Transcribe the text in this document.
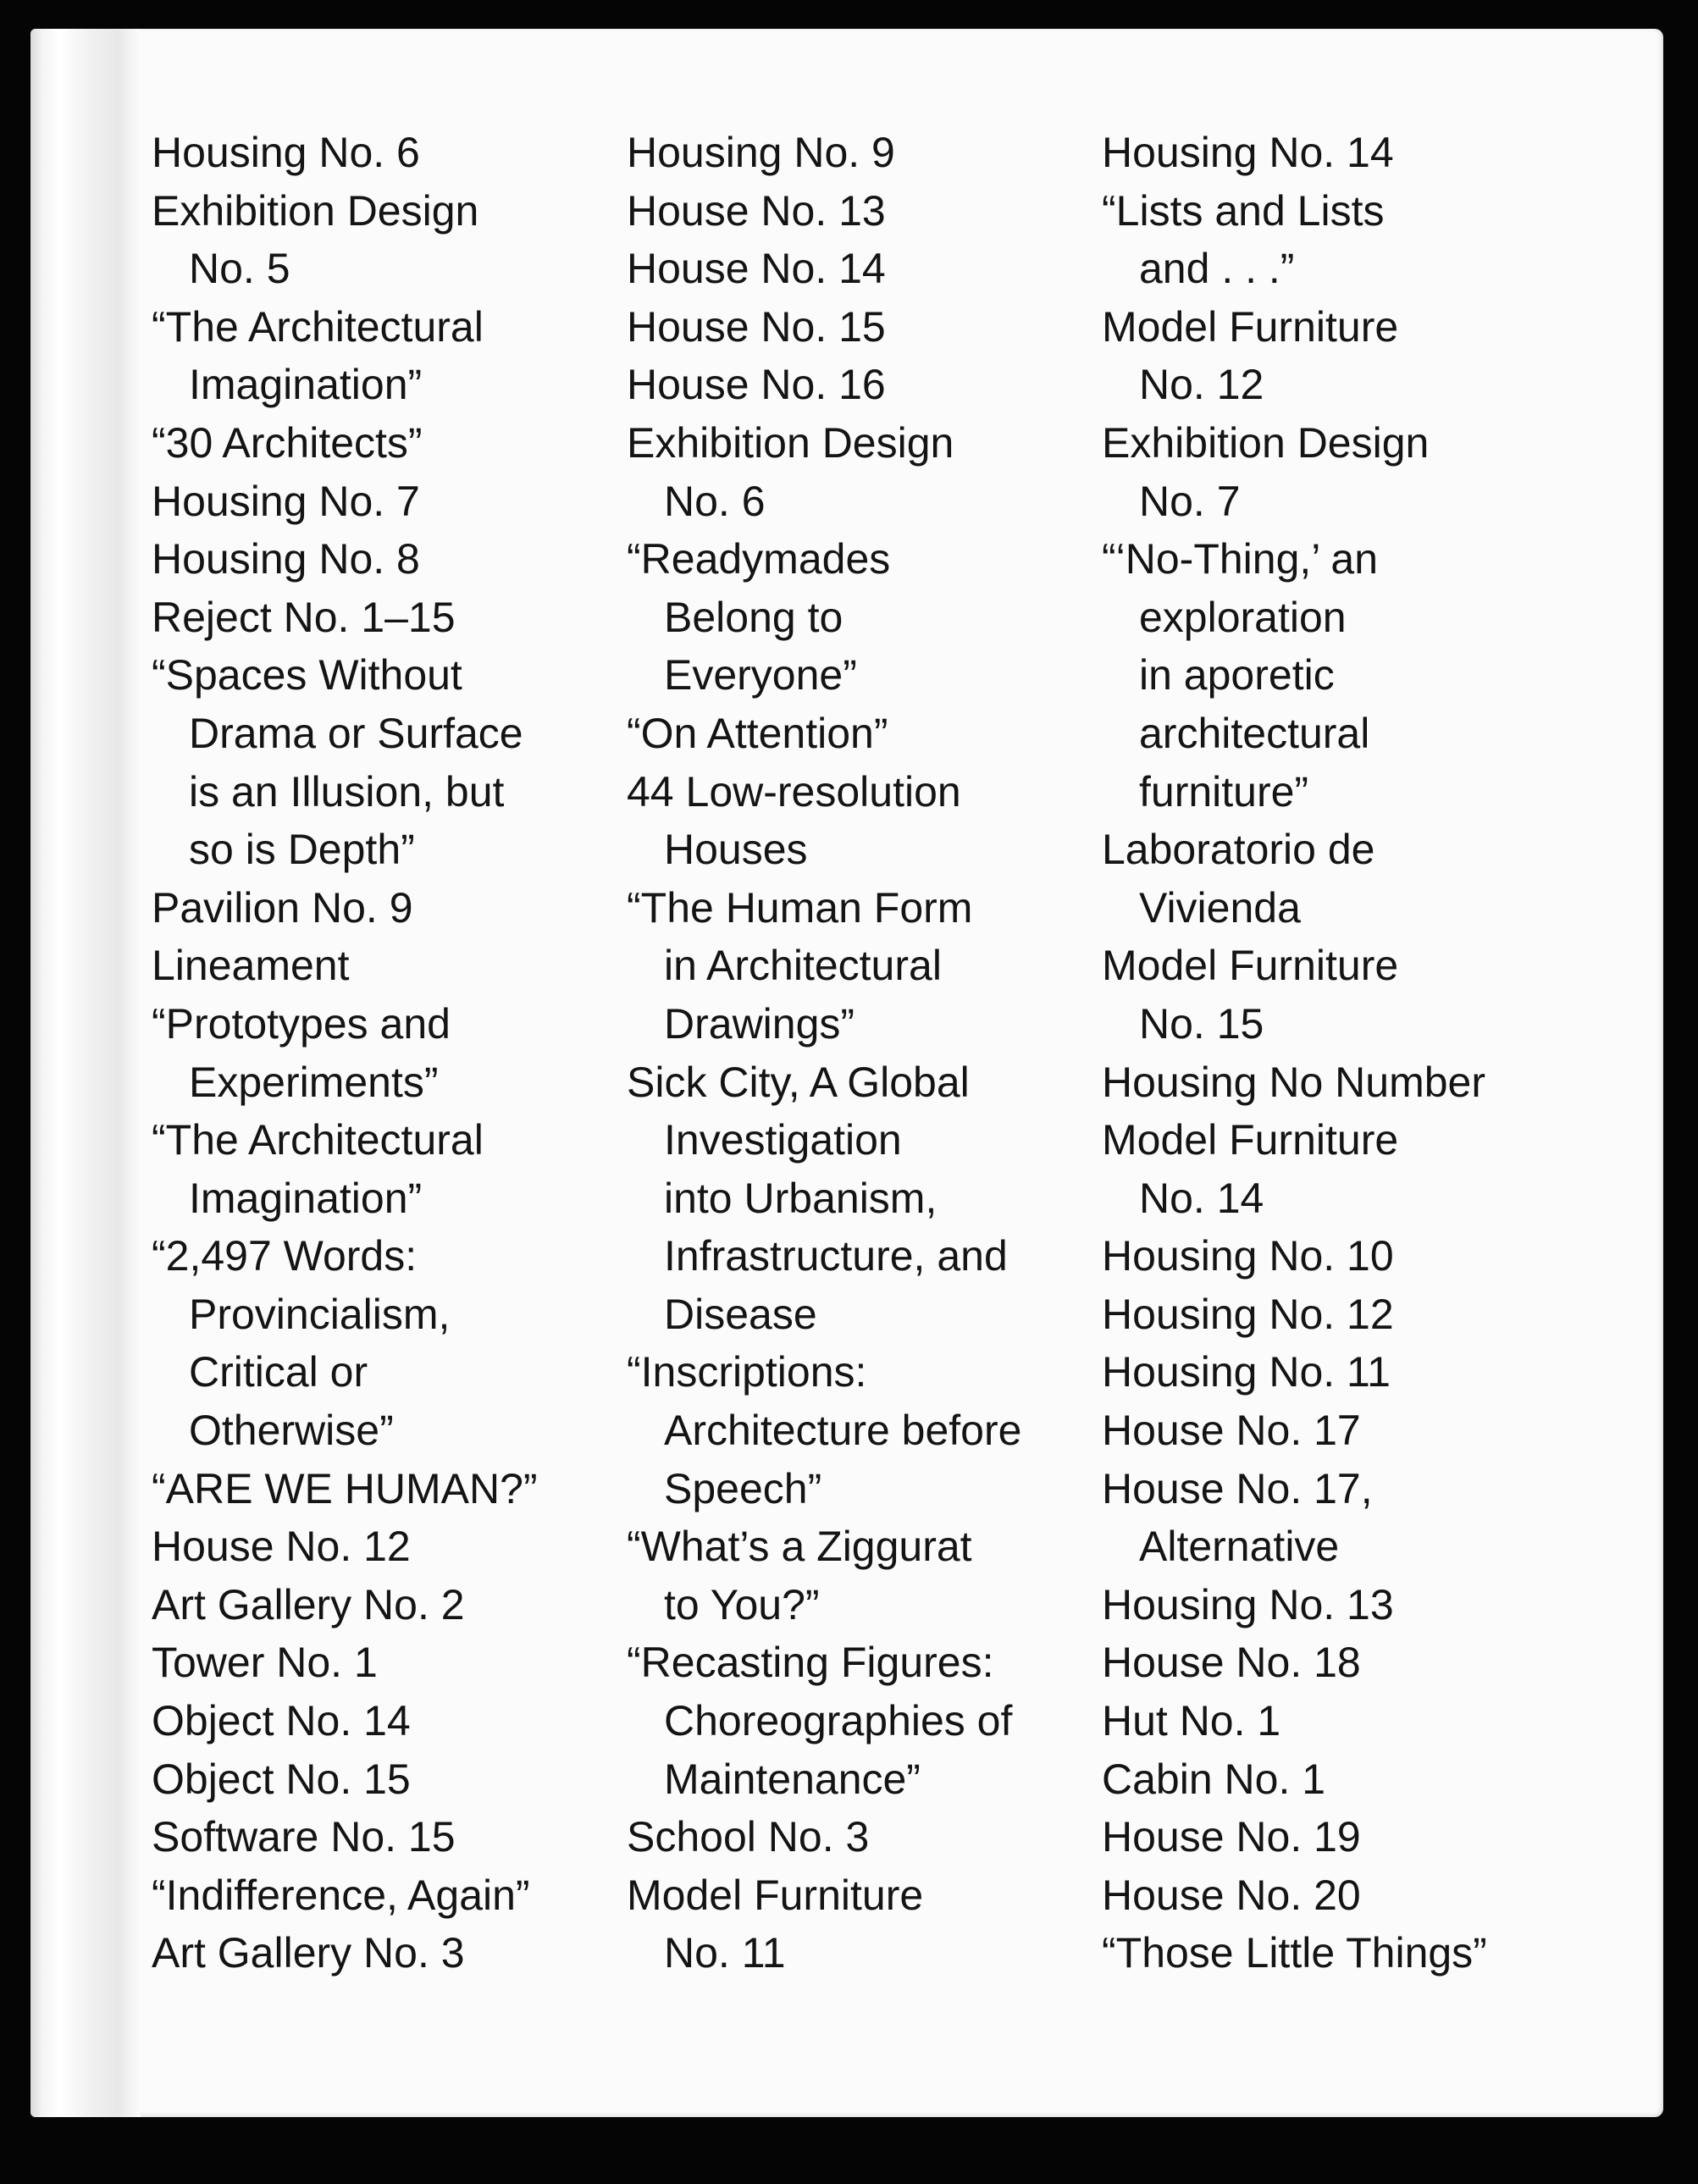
Housing No. 6
Exhibition Design
No. 5
“The Architectural
Imagination”
“30 Architects”
Housing No. 7
Housing No. 8
Reject No. 1–15
“Spaces Without
Drama or Surface
is an Illusion, but
so is Depth”
Pavilion No. 9
Lineament
“Prototypes and
Experiments”
“The Architectural
Imagination”
“2,497 Words:
Provincialism,
Critical or
Otherwise”
“ARE WE HUMAN?”
House No. 12
Art Gallery No. 2
Tower No. 1
Object No. 14
Object No. 15
Software No. 15
“Indifference, Again”
Art Gallery No. 3
Housing No. 9
House No. 13
House No. 14
House No. 15
House No. 16
Exhibition Design
No. 6
“Readymades
Belong to
Everyone”
“On Attention”
44 Low-resolution
Houses
“The Human Form
in Architectural
Drawings”
Sick City, A Global
Investigation
into Urbanism,
Infrastructure, and
Disease
“Inscriptions:
Architecture before
Speech”
“What’s a Ziggurat
to You?”
“Recasting Figures:
Choreographies of
Maintenance”
School No. 3
Model Furniture
No. 11
Housing No. 14
“Lists and Lists
and . . .”
Model Furniture
No. 12
Exhibition Design
No. 7
“‘No-Thing,’ an
exploration
in aporetic
architectural
furniture”
Laboratorio de
Vivienda
Model Furniture
No. 15
Housing No Number
Model Furniture
No. 14
Housing No. 10
Housing No. 12
Housing No. 11
House No. 17
House No. 17,
Alternative
Housing No. 13
House No. 18
Hut No. 1
Cabin No. 1
House No. 19
House No. 20
“Those Little Things”
